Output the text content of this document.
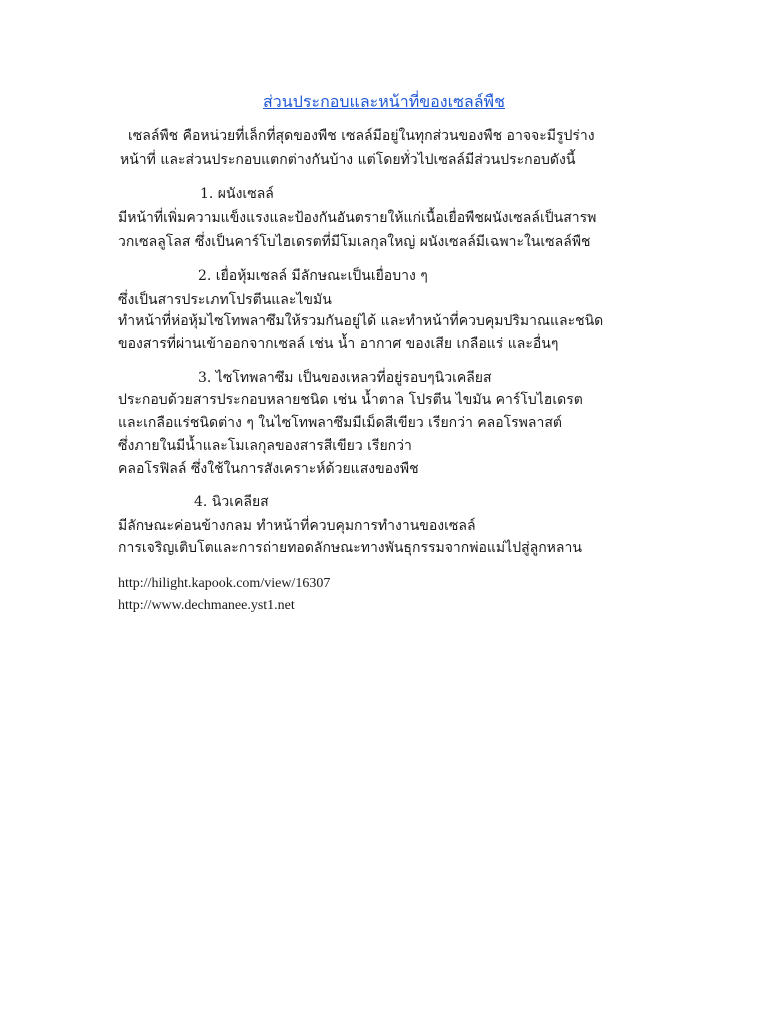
ส่วนประกอบและหน้าที่ของเซลล์พืช
เซลล์พืช คือหน่วยที่เล็กที่สุดของพืช เซลล์มีอยู่ในทุกส่วนของพืช อาจจะมีรูปร่าง
หน้าที่ และส่วนประกอบแตกต่างกันบ้าง แต่โดยทั่วไปเซลล์มีส่วนประกอบดังนี้
1. ผนังเซลล์
มีหน้าที่เพิ่มความแข็งแรงและป้องกันอันตรายให้แก่เนื้อเยื่อพืชผนังเซลล์เป็นสารพ
วกเซลลูโลส ซึ่งเป็นคาร์โบไฮเดรตที่มีโมเลกุลใหญ่ ผนังเซลล์มีเฉพาะในเซลล์พืช
2. เยื่อหุ้มเซลล์ มีลักษณะเป็นเยื่อบาง ๆ
ซึ่งเป็นสารประเภทโปรตีนและไขมัน
ทำหน้าที่ห่อหุ้มไซโทพลาซึมให้รวมกันอยู่ได้ และทำหน้าที่ควบคุมปริมาณและชนิด
ของสารที่ผ่านเข้าออกจากเซลล์ เช่น น้ำ อากาศ ของเสีย เกลือแร่ และอื่นๆ
3. ไซโทพลาซึม เป็นของเหลวที่อยู่รอบๆนิวเคลียส
ประกอบด้วยสารประกอบหลายชนิด เช่น น้ำตาล โปรตีน ไขมัน คาร์โบไฮเดรต
และเกลือแร่ชนิดต่าง ๆ ในไซโทพลาซึมมีเม็ดสีเขียว เรียกว่า คลอโรพลาสต์
ซึ่งภายในมีน้ำและโมเลกุลของสารสีเขียว เรียกว่า
คลอโรฟิลล์ ซึ่งใช้ในการสังเคราะห์ด้วยแสงของพืช
4. นิวเคลียส
มีลักษณะค่อนข้างกลม ทำหน้าที่ควบคุมการทำงานของเซลล์
การเจริญเติบโตและการถ่ายทอดลักษณะทางพันธุกรรมจากพ่อแม่ไปสู่ลูกหลาน
http://hilight.kapook.com/view/16307
http://www.dechmanee.yst1.net
